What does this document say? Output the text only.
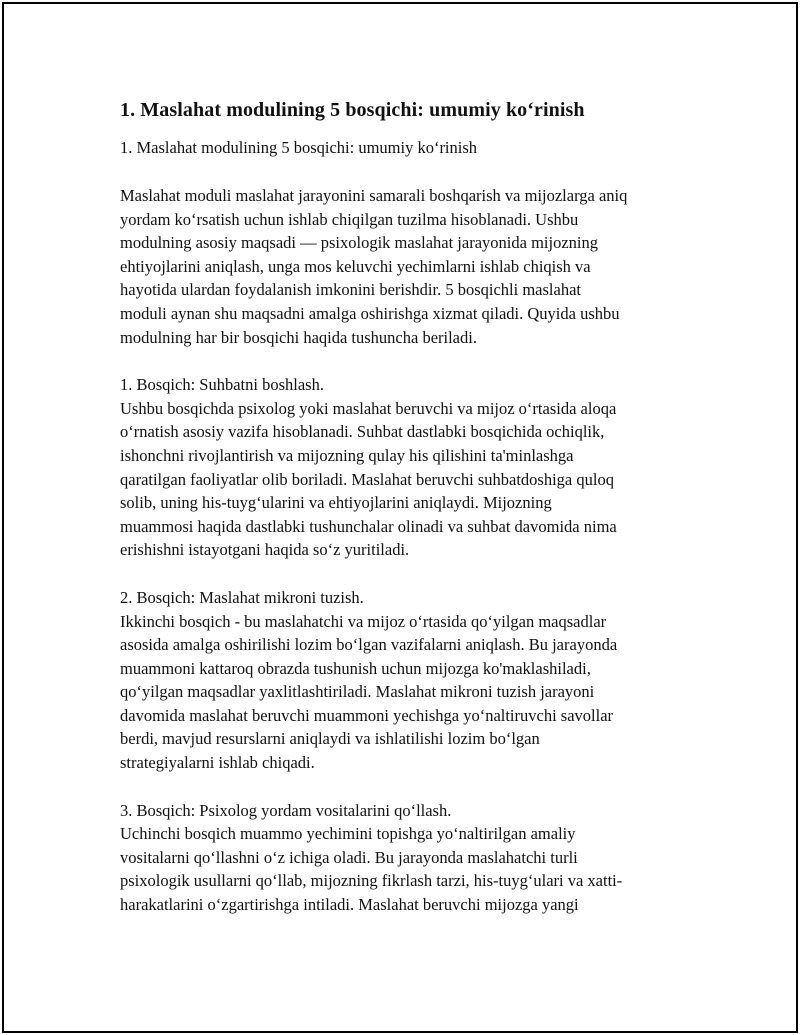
1. Maslahat modulining 5 bosqichi: umumiy ko‘rinish

1. Maslahat modulining 5 bosqichi: umumiy ko‘rinish

Maslahat moduli maslahat jarayonini samarali boshqarish va mijozlarga aniq
yordam ko‘rsatish uchun ishlab chiqilgan tuzilma hisoblanadi. Ushbu
modulning asosiy maqsadi — psixologik maslahat jarayonida mijozning
ehtiyojlarini aniqlash, unga mos keluvchi yechimlarni ishlab chiqish va
hayotida ulardan foydalanish imkonini berishdir. 5 bosqichli maslahat
moduli aynan shu maqsadni amalga oshirishga xizmat qiladi. Quyida ushbu
modulning har bir bosqichi haqida tushuncha beriladi.

1. Bosqich: Suhbatni boshlash.
Ushbu bosqichda psixolog yoki maslahat beruvchi va mijoz o‘rtasida aloqa
o‘rnatish asosiy vazifa hisoblanadi. Suhbat dastlabki bosqichida ochiqlik,
ishonchni rivojlantirish va mijozning qulay his qilishini ta'minlashga
qaratilgan faoliyatlar olib boriladi. Maslahat beruvchi suhbatdoshiga quloq
solib, uning his-tuyg‘ularini va ehtiyojlarini aniqlaydi. Mijozning
muammosi haqida dastlabki tushunchalar olinadi va suhbat davomida nima
erishishni istayotgani haqida so‘z yuritiladi.
2. Bosqich: Maslahat mikroni tuzish.
Ikkinchi bosqich - bu maslahatchi va mijoz o‘rtasida qo‘yilgan maqsadlar
asosida amalga oshirilishi lozim bo‘lgan vazifalarni aniqlash. Bu jarayonda
muammoni kattaroq obrazda tushunish uchun mijozga ko'maklashiladi,
qo‘yilgan maqsadlar yaxlitlashtiriladi. Maslahat mikroni tuzish jarayoni
davomida maslahat beruvchi muammoni yechishga yo‘naltiruvchi savollar
berdi, mavjud resurslarni aniqlaydi va ishlatilishi lozim bo‘lgan
strategiyalarni ishlab chiqadi.
3. Bosqich: Psixolog yordam vositalarini qo‘llash.
Uchinchi bosqich muammo yechimini topishga yo‘naltirilgan amaliy
vositalarni qo‘llashni o‘z ichiga oladi. Bu jarayonda maslahatchi turli
psixologik usullarni qo‘llab, mijozning fikrlash tarzi, his-tuyg‘ulari va xatti-
harakatlarini o‘zgartirishga intiladi. Maslahat beruvchi mijozga yangi
